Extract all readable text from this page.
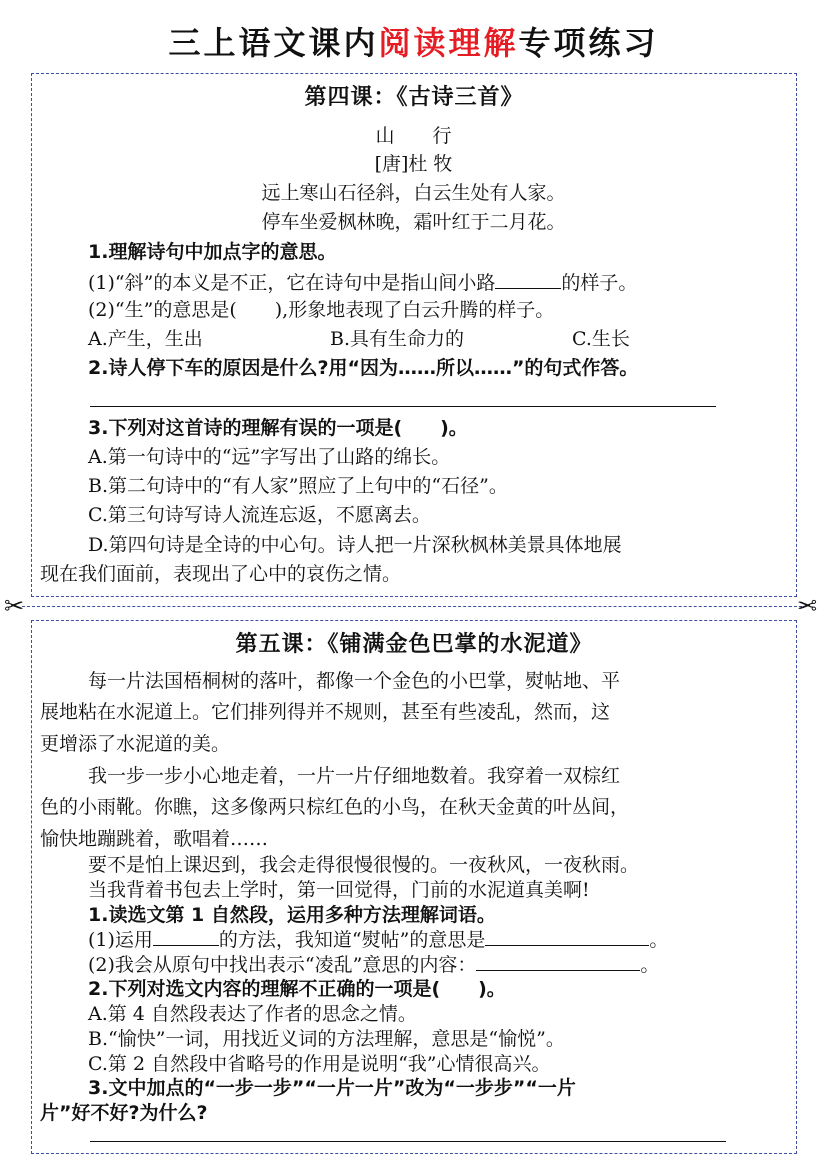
三上语文课内阅读理解专项练习
第四课：《古诗三首》
山　　行
[唐]杜 牧
远上寒山石径斜，白云生处有人家。
停车坐爱枫林晚，霜叶红于二月花。
1.理解诗句中加点字的意思。
(1)“斜”的本义是不正，它在诗句中是指山间小路	的样子。
(2)“生”的意思是(　　),形象地表现了白云升腾的样子。
A.产生，生出	B.具有生命力的	C.生长
2.诗人停下车的原因是什么?用“因为……所以……”的句式作答。
3.下列对这首诗的理解有误的一项是(　　)。
A.第一句诗中的“远”字写出了山路的绵长。
B.第二句诗中的“有人家”照应了上句中的“石径”。
C.第三句诗写诗人流连忘返，不愿离去。
D.第四句诗是全诗的中心句。诗人把一片深秋枫林美景具体地展
现在我们面前，表现出了心中的哀伤之情。
✂	✂
第五课：《铺满金色巴掌的水泥道》
每一片法国梧桐树的落叶，都像一个金色的小巴掌，熨帖地、平
展地粘在水泥道上。它们排列得并不规则，甚至有些凌乱，然而，这
更增添了水泥道的美。
我一步一步小心地走着，一片一片仔细地数着。我穿着一双棕红
色的小雨靴。你瞧，这多像两只棕红色的小鸟，在秋天金黄的叶丛间，
愉快地蹦跳着，歌唱着……
要不是怕上课迟到，我会走得很慢很慢的。一夜秋风，一夜秋雨。
当我背着书包去上学时，第一回觉得，门前的水泥道真美啊!
1.读选文第 1 自然段，运用多种方法理解词语。
(1)运用	的方法，我知道“熨帖”的意思是	。
(2)我会从原句中找出表示“凌乱”意思的内容：	。
2.下列对选文内容的理解不正确的一项是(　　)。
A.第 4 自然段表达了作者的思念之情。
B.“愉快”一词，用找近义词的方法理解，意思是“愉悦”。
C.第 2 自然段中省略号的作用是说明“我”心情很高兴。
3.文中加点的“一步一步”“一片一片”改为“一步步”“一片
片”好不好?为什么?
